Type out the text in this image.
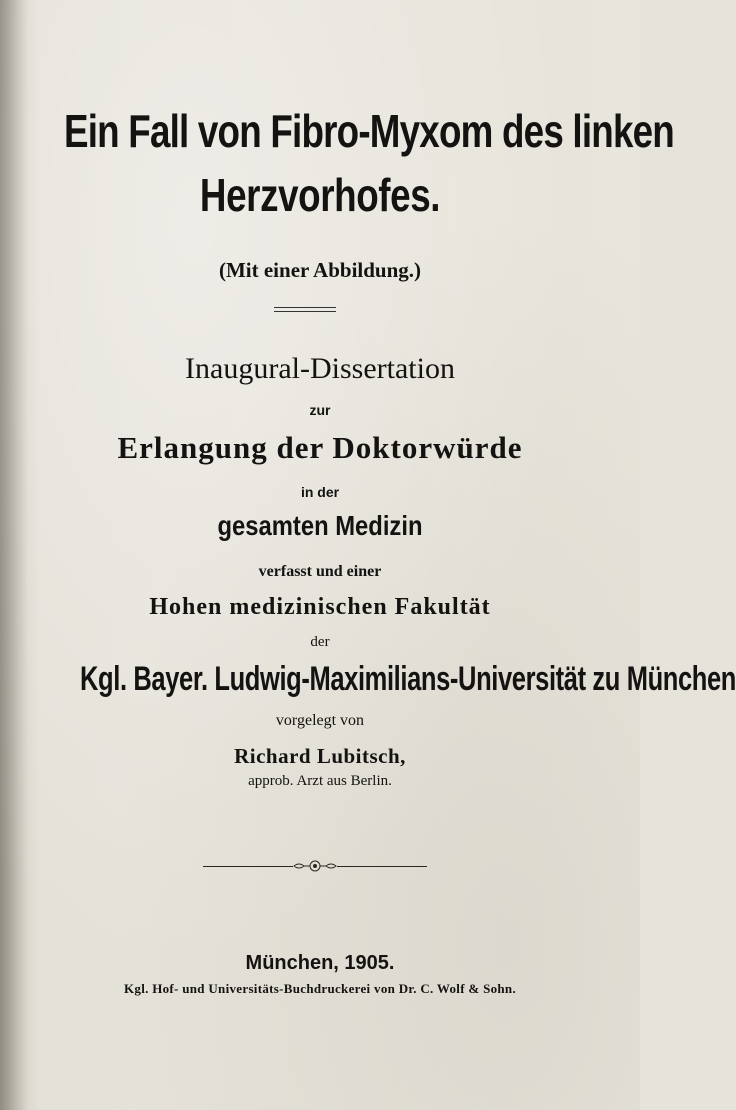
Ein Fall von Fibro-Myxom des linken
Herzvorhofes.
(Mit einer Abbildung.)
Inaugural-Dissertation
zur
Erlangung der Doktorwürde
in der
gesamten Medizin
verfasst und einer
Hohen medizinischen Fakultät
der
Kgl. Bayer. Ludwig-Maximilians-Universität zu München
vorgelegt von
Richard Lubitsch,
approb. Arzt aus Berlin.
München, 1905.
Kgl. Hof- und Universitäts-Buchdruckerei von Dr. C. Wolf & Sohn.
